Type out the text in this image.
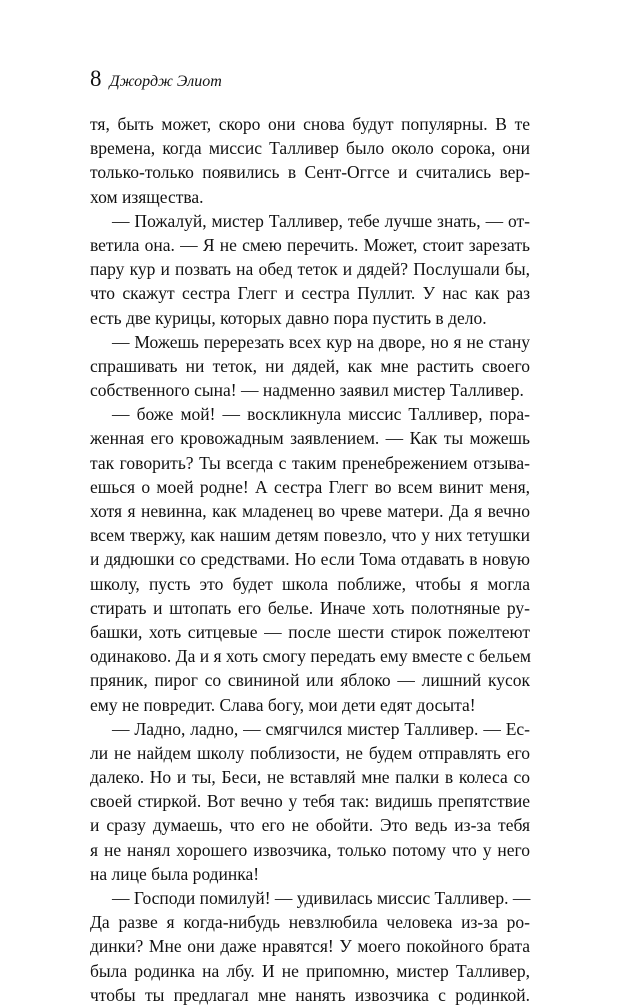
8 Джордж Элиот
тя, быть может, скоро они снова будут популярны. В те
времена, когда миссис Талливер было около сорока, они
только-только появились в Сент-Оггсе и считались вер-
хом изящества.
— Пожалуй, мистер Талливер, тебе лучше знать, — от-
ветила она. — Я не смею перечить. Может, стоит зарезать
пару кур и позвать на обед теток и дядей? Послушали бы,
что скажут сестра Глегг и сестра Пуллит. У нас как раз
есть две курицы, которых давно пора пустить в дело.
— Можешь перерезать всех кур на дворе, но я не стану
спрашивать ни теток, ни дядей, как мне растить своего
собственного сына! — надменно заявил мистер Талливер.
— боже мой! — воскликнула миссис Талливер, пора-
женная его кровожадным заявлением. — Как ты можешь
так говорить? Ты всегда с таким пренебрежением отзыва-
ешься о моей родне! А сестра Глегг во всем винит меня,
хотя я невинна, как младенец во чреве матери. Да я вечно
всем твержу, как нашим детям повезло, что у них тетушки
и дядюшки со средствами. Но если Тома отдавать в новую
школу, пусть это будет школа поближе, чтобы я могла
стирать и штопать его белье. Иначе хоть полотняные ру-
башки, хоть ситцевые — после шести стирок пожелтеют
одинаково. Да и я хоть смогу передать ему вместе с бельем
пряник, пирог со свининой или яблоко — лишний кусок
ему не повредит. Слава богу, мои дети едят досыта!
— Ладно, ладно, — смягчился мистер Талливер. — Ес-
ли не найдем школу поблизости, не будем отправлять его
далеко. Но и ты, Беси, не вставляй мне палки в колеса со
своей стиркой. Вот вечно у тебя так: видишь препятствие
и сразу думаешь, что его не обойти. Это ведь из-за тебя
я не нанял хорошего извозчика, только потому что у него
на лице была родинка!
— Господи помилуй! — удивилась миссис Талливер. —
Да разве я когда-нибудь невзлюбила человека из-за ро-
динки? Мне они даже нравятся! У моего покойного брата
была родинка на лбу. И не припомню, мистер Талливер,
чтобы ты предлагал мне нанять извозчика с родинкой.
